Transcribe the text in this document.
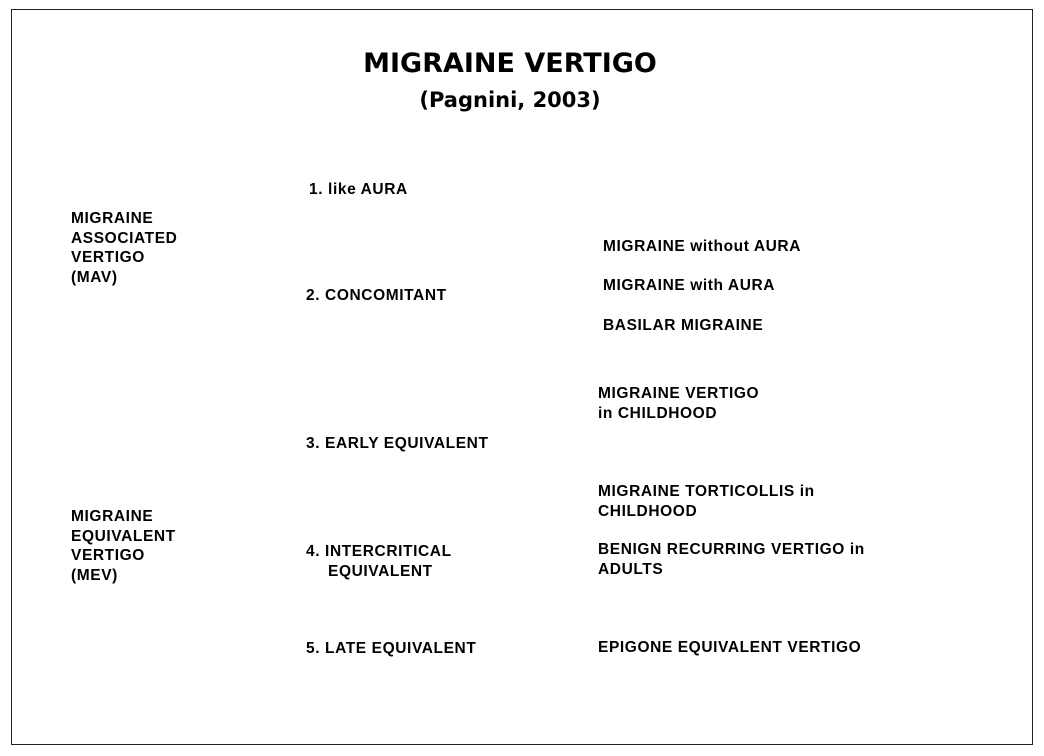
MIGRAINE VERTIGO
(Pagnini, 2003)
MIGRAINE
ASSOCIATED
VERTIGO
(MAV)
MIGRAINE
EQUIVALENT
VERTIGO
(MEV)
1. like AURA
2. CONCOMITANT
3. EARLY EQUIVALENT
4. INTERCRITICAL
EQUIVALENT
5. LATE EQUIVALENT
MIGRAINE without AURA
MIGRAINE with AURA
BASILAR MIGRAINE
MIGRAINE VERTIGO
in CHILDHOOD
MIGRAINE TORTICOLLIS in
CHILDHOOD
BENIGN RECURRING VERTIGO in
ADULTS
EPIGONE EQUIVALENT VERTIGO
